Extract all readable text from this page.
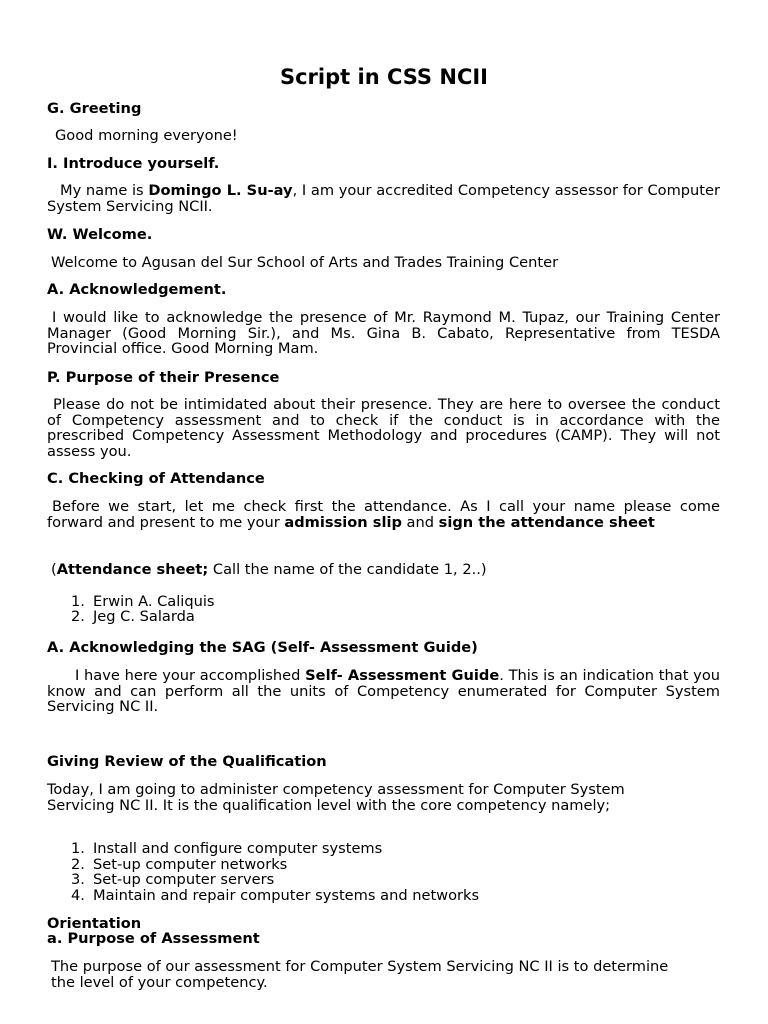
Script in CSS NCII
G. Greeting
Good morning everyone!
I. Introduce yourself.
My name is Domingo L. Su-ay, I am your accredited Competency assessor for Computer System Servicing NCII.
W. Welcome.
Welcome to Agusan del Sur School of Arts and Trades Training Center
A. Acknowledgement.
I would like to acknowledge the presence of Mr. Raymond M. Tupaz, our Training Center Manager (Good Morning Sir.), and Ms. Gina B. Cabato, Representative from TESDA Provincial office. Good Morning Mam.
P. Purpose of their Presence
Please do not be intimidated about their presence. They are here to oversee the conduct of Competency assessment and to check if the conduct is in accordance with the prescribed Competency Assessment Methodology and procedures (CAMP). They will not assess you.
C. Checking of Attendance
Before we start, let me check first the attendance. As I call your name please come forward and present to me your admission slip and sign the attendance sheet
(Attendance sheet; Call the name of the candidate 1, 2..)
1. Erwin A. Caliquis
2. Jeg C. Salarda
A. Acknowledging the SAG (Self- Assessment Guide)
I have here your accomplished Self- Assessment Guide. This is an indication that you know and can perform all the units of Competency enumerated for Computer System Servicing NC II.
Giving Review of the Qualification
Today, I am going to administer competency assessment for Computer System Servicing NC II. It is the qualification level with the core competency namely;
1. Install and configure computer systems
2. Set-up computer networks
3. Set-up computer servers
4. Maintain and repair computer systems and networks
Orientation
a. Purpose of Assessment
The purpose of our assessment for Computer System Servicing NC II is to determine the level of your competency.
